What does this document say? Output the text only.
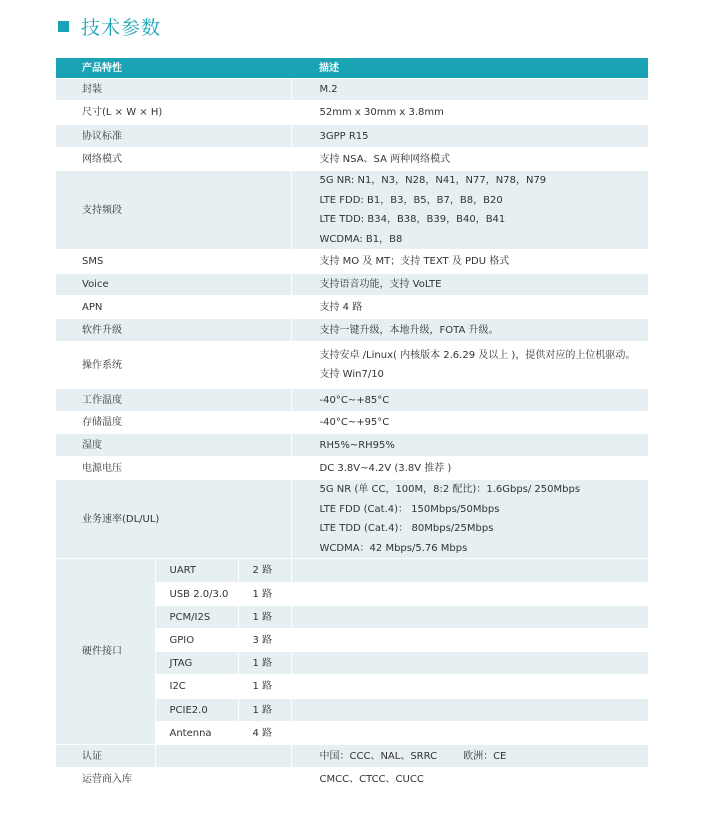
技术参数
产品特性			描述
封装			M.2

尺寸(L × W × H)			52mm x 30mm x 3.8mm

协议标准			3GPP R15

网络模式			支持 NSA、SA 两种网络模式

支持频段			5G NR: N1，N3，N28，N41，N77，N78，N79
LTE FDD: B1，B3，B5，B7，B8，B20
LTE TDD: B34，B38，B39，B40，B41
WCDMA: B1，B8

SMS			支持 MO 及 MT；支持 TEXT 及 PDU 格式

Voice			支持语音功能，支持 VoLTE

APN			支持 4 路

软件升级			支持一键升级，本地升级，FOTA 升级。

操作系统			支持安卓 /Linux( 内核版本 2.6.29 及以上 )，提供对应的上位机驱动。
支持 Win7/10

工作温度			-40°C~+85°C

存储温度			-40°C~+95°C

湿度			RH5%~RH95%

电源电压			DC 3.8V~4.2V (3.8V 推荐 )

业务速率(DL/UL)			5G NR (单 CC，100M，8:2 配比)：1.6Gbps/ 250Mbps
LTE FDD (Cat.4)： 150Mbps/50Mbps
LTE TDD (Cat.4)： 80Mbps/25Mbps
WCDMA：42 Mbps/5.76 Mbps

硬件接口	UART	2 路	
	USB 2.0/3.0	1 路	
	PCM/I2S	1 路	
	GPIO	3 路	
	JTAG	1 路	
	I2C	1 路	
	PCIE2.0	1 路	
	Antenna	4 路	
认证			中国：CCC、NAL、SRRC 欧洲：CE
运营商入库			CMCC、CTCC、CUCC
